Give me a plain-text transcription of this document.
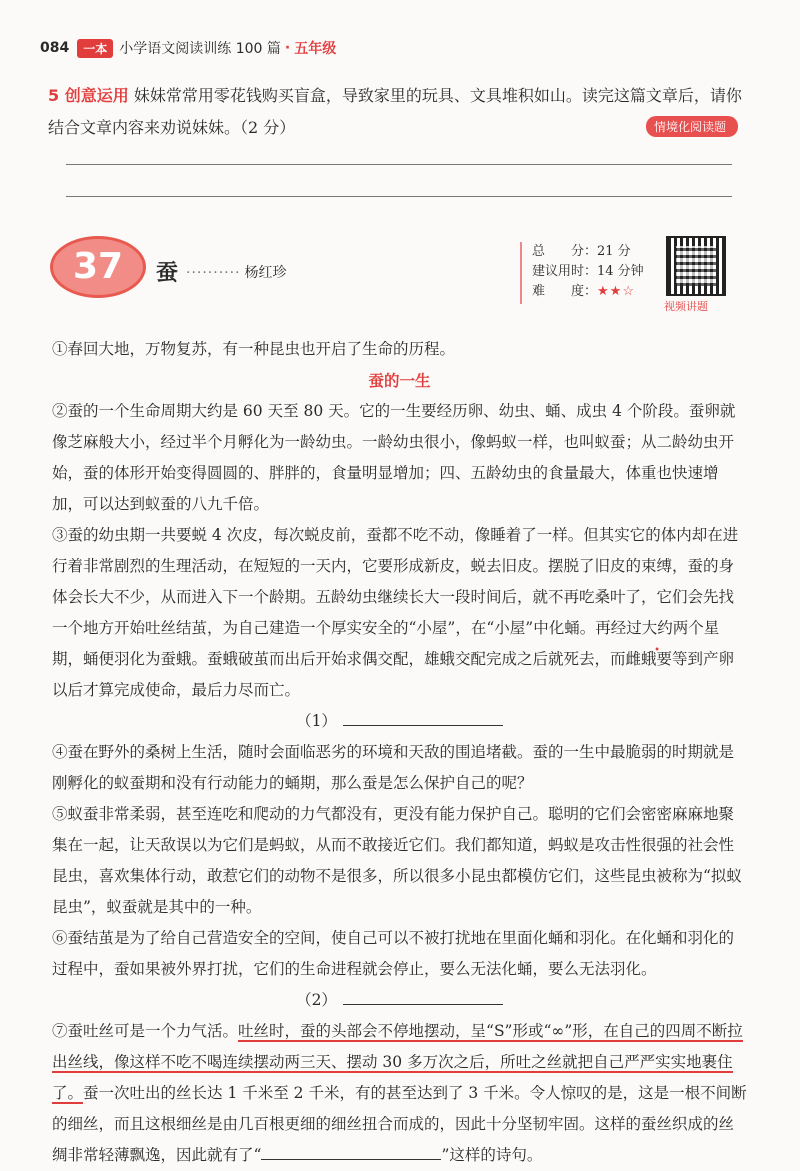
084	一本 小学语文阅读训练 100 篇 · 五年级
5 创意运用 妹妹常常用零花钱购买盲盒，导致家里的玩具、文具堆积如山。读完这篇文章后，请你结合文章内容来劝说妹妹。（2 分）	情境化阅读题
37	蚕 ·········· 杨红珍
总　　分：21 分
建议用时：14 分钟
难　　度：★★☆
视频讲题

①春回大地，万物复苏，有一种昆虫也开启了生命的历程。

蚕的一生

②蚕的一个生命周期大约是 60 天至 80 天。它的一生要经历卵、幼虫、蛹、成虫 4 个阶段。蚕卵就像芝麻般大小，经过半个月孵化为一龄幼虫。一龄幼虫很小，像蚂蚁一样，也叫蚁蚕；从二龄幼虫开始，蚕的体形开始变得圆圆的、胖胖的，食量明显增加；四、五龄幼虫的食量最大，体重也快速增加，可以达到蚁蚕的八九千倍。

③蚕的幼虫期一共要蜕 4 次皮，每次蜕皮前，蚕都不吃不动，像睡着了一样。但其实它的体内却在进行着非常剧烈的生理活动，在短短的一天内，它要形成新皮，蜕去旧皮。摆脱了旧皮的束缚，蚕的身体会长大不少，从而进入下一个龄期。五龄幼虫继续长大一段时间后，就不再吃桑叶了，它们会先找一个地方开始吐丝结茧，为自己建造一个厚实安全的“小屋”，在“小屋”中化蛹。再经过大约两个星期，蛹便羽化为蚕蛾。蚕蛾破茧而出后开始求偶交配，雄蛾交配完成之后就死去，而雌蛾要等到产卵以后才算完成使命，最后力尽而亡。

（1）

④蚕在野外的桑树上生活，随时会面临恶劣的环境和天敌的围追堵截。蚕的一生中最脆弱的时期就是刚孵化的蚁蚕期和没有行动能力的蛹期，那么蚕是怎么保护自己的呢？

⑤蚁蚕非常柔弱，甚至连吃和爬动的力气都没有，更没有能力保护自己。聪明的它们会密密麻麻地聚集在一起，让天敌误以为它们是蚂蚁，从而不敢接近它们。我们都知道，蚂蚁是攻击性很强的社会性昆虫，喜欢集体行动，敢惹它们的动物不是很多，所以很多小昆虫都模仿它们，这些昆虫被称为“拟蚁昆虫”，蚁蚕就是其中的一种。

⑥蚕结茧是为了给自己营造安全的空间，使自己可以不被打扰地在里面化蛹和羽化。在化蛹和羽化的过程中，蚕如果被外界打扰，它们的生命进程就会停止，要么无法化蛹，要么无法羽化。

（2）

⑦蚕吐丝可是一个力气活。吐丝时，蚕的头部会不停地摆动，呈“S”形或“∞”形，在自己的四周不断拉出丝线，像这样不吃不喝连续摆动两三天、摆动 30 多万次之后，所吐之丝就把自己严严实实地裹住了。蚕一次吐出的丝长达 1 千米至 2 千米，有的甚至达到了 3 千米。令人惊叹的是，这是一根不间断的细丝，而且这根细丝是由几百根更细的细丝扭合而成的，因此十分坚韧牢固。这样的蚕丝织成的丝绸非常轻薄飘逸，因此就有了“	”这样的诗句。
